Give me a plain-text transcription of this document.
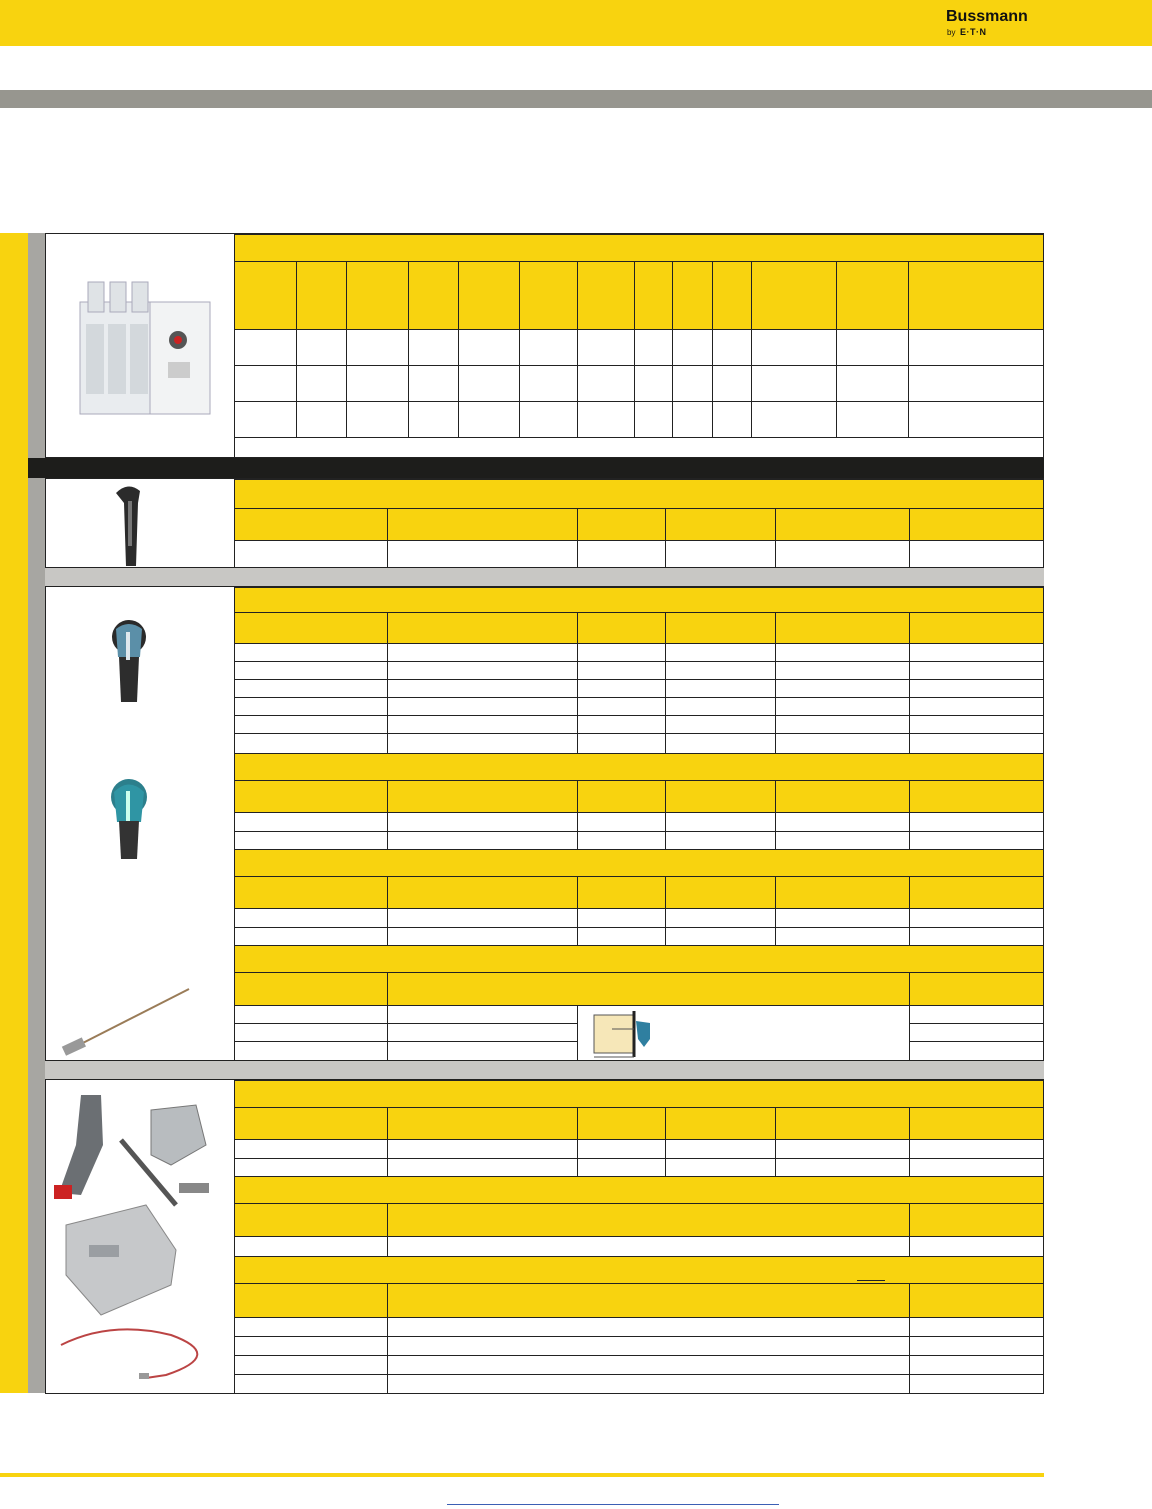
Bussmann
by E·T·N
